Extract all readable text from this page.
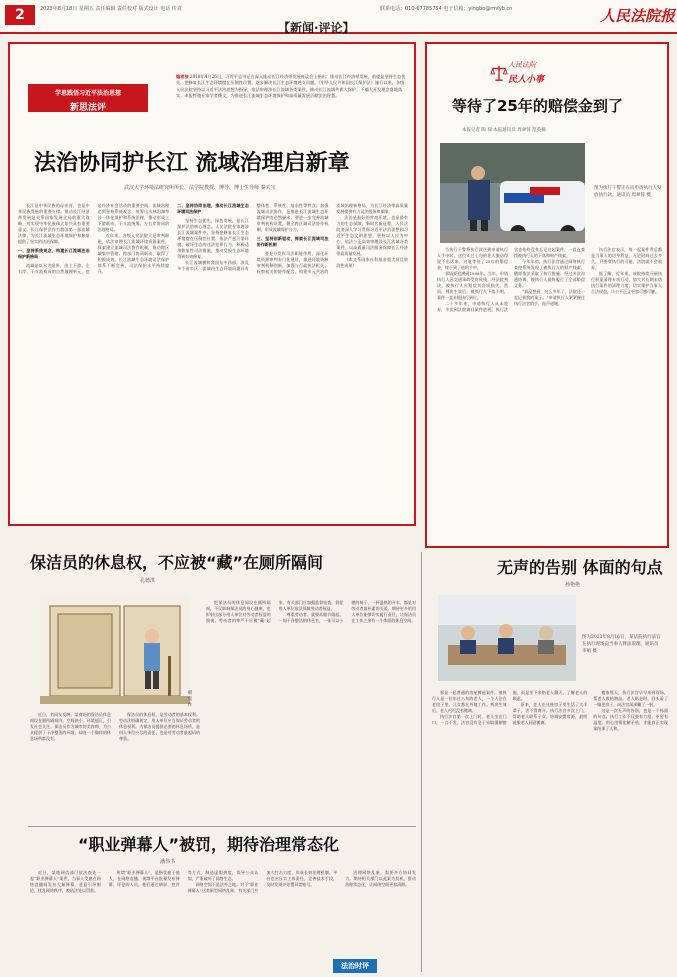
2	2023年8月18日 星期五 责任编辑 责任校对 版式设计 电话 传真	联系电话：010-67785754 电子信箱：yingbo@rmfyb.cn
【新闻·评论】
人民法院报
学思践悟习近平法治思想
新思法评
编者按 2018年4月26日，习近平总书记在深入推动长江经济带发展座谈会上指出：推动长江经济带发展，前提是坚持生态优先，把修复长江生态环境摆在压倒性位置，逐步解决长江生态环境透支问题。《中华人民共和国长江保护法》施行以来，各级人民法院坚持以习近平法治思想为指导，依法审理涉长江流域各类案件，推动长江流域共抓大保护、不搞大开发理念落地落实。本报特邀专家学者撰文，为推进长江流域生态环境保护和高质量发展贡献法治智慧。
法治协同护长江 流域治理启新章
武汉大学环境法研究所所长、法学院教授、博导、博士生导师 秦天宝

长江是中华民族的母亲河，也是中华民族发展的重要支撑。推动长江经济带发展是关系国家发展全局的重大战略，对实现中华民族伟大复兴具有重要意义。长江保护法作为我国第一部流域法律，为长江流域生态环境保护和修复提供了坚实的法治保障。

一、坚持系统观念，构建长江流域法治保护新格局

流域是以水为纽带，由上下游、左右岸、干支流构成的自然地理单元，也是经济社会活动的重要空间。流域治理必须坚持系统观念，统筹山水林田湖草沙一体化保护和系统治理，推动形成上下游联动、干支流统筹、左右岸协同的治理格局。

近年来，各级人民法院立足审判职能，依法审理长江流域环境资源案件，探索建立流域司法协作机制，推动跨区域集中管辖、跨部门协同联动，取得了积极成效。长江流域生态环境司法保护体系不断完善，司法保护水平持续提升。

二、坚持协同治理，推动长江流域生态环境司法保护

坚持生态优先、绿色发展，是长江保护法的核心理念。人民法院在审理涉长江流域案件中，坚持把修复长江生态环境摆在压倒性位置，依法严惩污染环境、破坏生态的违法犯罪行为，积极适用恢复性司法措施，推动受损生态环境得到有效修复。

长江流域横跨我国东中西部，涉及多个省市区，流域内生态环境问题具有整体性、系统性、复杂性等特点。加强流域司法协作，是推进长江流域生态环境保护的必然要求。要进一步完善流域审判机构设置，健全跨区域司法协作机制，形成流域保护合力。

三、坚持创新驱动，探索长江流域司法协作新机制

要充分发挥司法职能作用，深化环境资源审判专门化建设，推进环境资源审判机制创新，加强与行政执法机关、检察机关的协作配合，构建多元共治的流域治理新格局，为长江经济带高质量发展提供有力司法服务和保障。

法治是最好的营商环境，也是最有力的生态保障。新时代新征程，人民法院要深入学习贯彻习近平法治思想和习近平生态文明思想，坚持以人民为中心，依法公正高效审理涉长江流域各类案件，以高质量司法服务保障长江经济带高质量发展。

（本文系国家社科基金重大项目阶段性成果）

人民法院
民人小事
等待了25年的赔偿金到了
本报记者 陶 琛 本报通讯员 周翠蓉 范英棉
图为执行干警正在向申请执行人发放执行款。通讯员 周翠蓉 摄

当执行干警将执行款送到申请执行人手中时，这位年过七旬的老人激动得说不出话来。这笔等待了25年的赔偿金，终于到了他的手中。

事情要追溯到1998年。当年，申请执行人因交通事故受伤致残，经法院判决，被执行人应赔偿其各项损失。然而，判决生效后，被执行人下落不明，案件一直未能执行到位。

二十多年来，申请执行人从未放弃，多次到法院询问案件进展。执行法官也始终没有忘记这起案件，一直在查找被执行人的下落和财产线索。

今年年初，执行法官通过网络执行查控系统发现了被执行人的财产线索，随即依法采取了执行措施。经过多次沟通协调，被执行人最终履行了全部赔偿义务。

“真没想到，这么多年了，法院还一直记着我的案子。”申请执行人紧紧握住执行法官的手，连声道谢。

执行法官表示，每一起案件背后都是当事人的切身利益，无论时间过去多久，只要有执行的可能，法院就不会放弃。

据了解，近年来，该院持续开展执行积案清理专项行动，加大对长期未结执行案件的清理力度，切实维护当事人合法权益，让公平正义更加可感可触。

保洁员的休息权，不应被“藏”在厕所隔间
孔德淇
朝 宛 作

近日，有网友反映，某商场的保洁员休息间设在厕所隔间内，空间狭小、环境逼仄，引发社会关注。保洁员作为城市的美容师，为公众提供了干净整洁的环境，却连一个像样的休息场所都没有。

保洁员的休息权，是劳动者的基本权利。劳动法明确规定，用人单位应当保证劳动者的休息权利。为保洁员提供必要的休息场所，是用人单位应尽的责任，也是对劳动者最起码的尊重。

把保洁员的休息间设在厕所隔间，不仅影响保洁员的身心健康，也折射出部分用人单位对劳动者权益的漠视。劳动者的尊严不应被“藏”起来，有关部门应加强监督检查，督促用人单位依法保障劳动者权益。

尊重劳动者，就要从细节做起。一间干净整洁的休息室，一张可以小憩的椅子，一杯温热的开水，都是对劳动者最朴素的关爱。期待更多的用人单位能够切实履行责任，让保洁员在工作之余有一个体面的休息空间。

“职业弹幕人”被罚，期待治理常态化
潘伟书

近日，某地网信部门依法查处一起“职业弹幕人”案件，当事人受雇在网络直播间发布大量弹幕，恶意引导舆论、扰乱网络秩序，被依法处以罚款。

所谓“职业弹幕人”，是指受雇于他人，在网络直播、视频平台批量发布弹幕、评论的人员。他们通过刷屏、控评等方式，制造虚假热度，误导公众认知，严重破坏了网络生态。

网络空间不是法外之地。对于“职业弹幕人”这类新型网络乱象，有关部门应加大打击力度，形成长效治理机制。平台也应压实主体责任，完善技术手段，及时发现并处置异常账号。

治理网络乱象，需要多方协同发力。期待相关部门以此案为契机，推动治理常态化，让网络空间更加清朗。

法治时评
无声的告别 体面的句点
孙艳艳
图为2023年8月16日，某法院执行法官在执行现场向当事人释法说理。通讯员 李娟 摄

那是一起普通的房屋腾退案件。被执行人是一位年过八旬的老人，一个人住在老房子里，儿女都在外地工作。判决生效后，老人迟迟没有搬离。

执行法官第一次上门时，老人坐在门口，一言不发。法官没有急于采取强制措施，而是坐下来陪老人聊天，了解老人的顾虑。

原来，老人在这座房子里生活了大半辈子，舍不得离开。执行法官多次上门，帮助老人联系子女，协调安置房源，最终说服老人同意搬离。

搬家那天，执行法官早早来到现场，帮老人收拾物品。老人临走时，回头看了一眼老房子，向法官深深鞠了一躬。

这是一次无声的告别，也是一个体面的句点。执行工作不仅要有力度，更要有温度。用心用情化解矛盾，才能真正实现案结事了人和。
